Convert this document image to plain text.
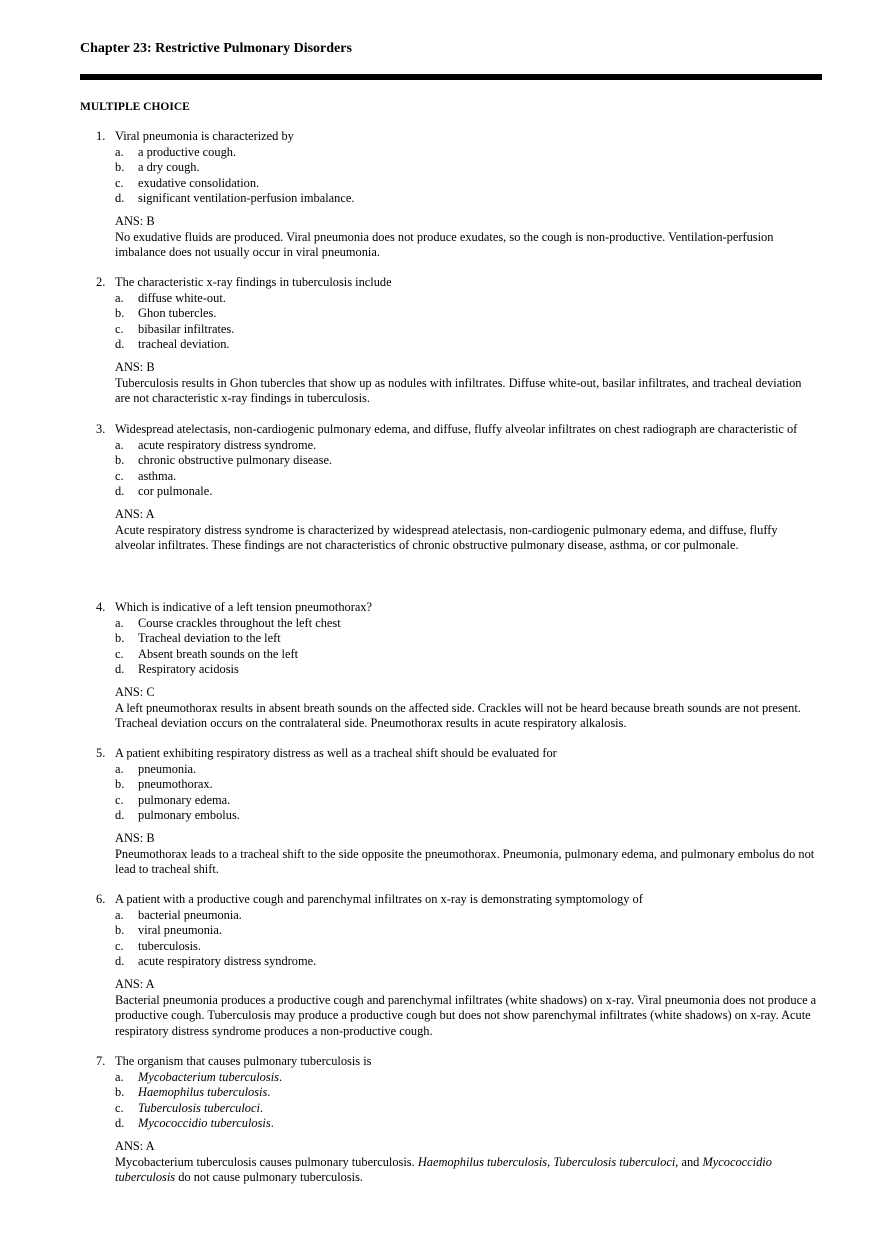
Chapter 23: Restrictive Pulmonary Disorders
MULTIPLE CHOICE
1. Viral pneumonia is characterized by
a. a productive cough.
b. a dry cough.
c. exudative consolidation.
d. significant ventilation-perfusion imbalance.
ANS: B
No exudative fluids are produced. Viral pneumonia does not produce exudates, so the cough is non-productive. Ventilation-perfusion imbalance does not usually occur in viral pneumonia.
2. The characteristic x-ray findings in tuberculosis include
a. diffuse white-out.
b. Ghon tubercles.
c. bibasilar infiltrates.
d. tracheal deviation.
ANS: B
Tuberculosis results in Ghon tubercles that show up as nodules with infiltrates. Diffuse white-out, basilar infiltrates, and tracheal deviation are not characteristic x-ray findings in tuberculosis.
3. Widespread atelectasis, non-cardiogenic pulmonary edema, and diffuse, fluffy alveolar infiltrates on chest radiograph are characteristic of
a. acute respiratory distress syndrome.
b. chronic obstructive pulmonary disease.
c. asthma.
d. cor pulmonale.
ANS: A
Acute respiratory distress syndrome is characterized by widespread atelectasis, non-cardiogenic pulmonary edema, and diffuse, fluffy alveolar infiltrates. These findings are not characteristics of chronic obstructive pulmonary disease, asthma, or cor pulmonale.
4. Which is indicative of a left tension pneumothorax?
a. Course crackles throughout the left chest
b. Tracheal deviation to the left
c. Absent breath sounds on the left
d. Respiratory acidosis
ANS: C
A left pneumothorax results in absent breath sounds on the affected side. Crackles will not be heard because breath sounds are not present. Tracheal deviation occurs on the contralateral side. Pneumothorax results in acute respiratory alkalosis.
5. A patient exhibiting respiratory distress as well as a tracheal shift should be evaluated for
a. pneumonia.
b. pneumothorax.
c. pulmonary edema.
d. pulmonary embolus.
ANS: B
Pneumothorax leads to a tracheal shift to the side opposite the pneumothorax. Pneumonia, pulmonary edema, and pulmonary embolus do not lead to tracheal shift.
6. A patient with a productive cough and parenchymal infiltrates on x-ray is demonstrating symptomology of
a. bacterial pneumonia.
b. viral pneumonia.
c. tuberculosis.
d. acute respiratory distress syndrome.
ANS: A
Bacterial pneumonia produces a productive cough and parenchymal infiltrates (white shadows) on x-ray. Viral pneumonia does not produce a productive cough. Tuberculosis may produce a productive cough but does not show parenchymal infiltrates (white shadows) on x-ray. Acute respiratory distress syndrome produces a non-productive cough.
7. The organism that causes pulmonary tuberculosis is
a. Mycobacterium tuberculosis.
b. Haemophilus tuberculosis.
c. Tuberculosis tuberculoci.
d. Mycococcidio tuberculosis.
ANS: A
Mycobacterium tuberculosis causes pulmonary tuberculosis. Haemophilus tuberculosis, Tuberculosis tuberculoci, and Mycococcidio tuberculosis do not cause pulmonary tuberculosis.
